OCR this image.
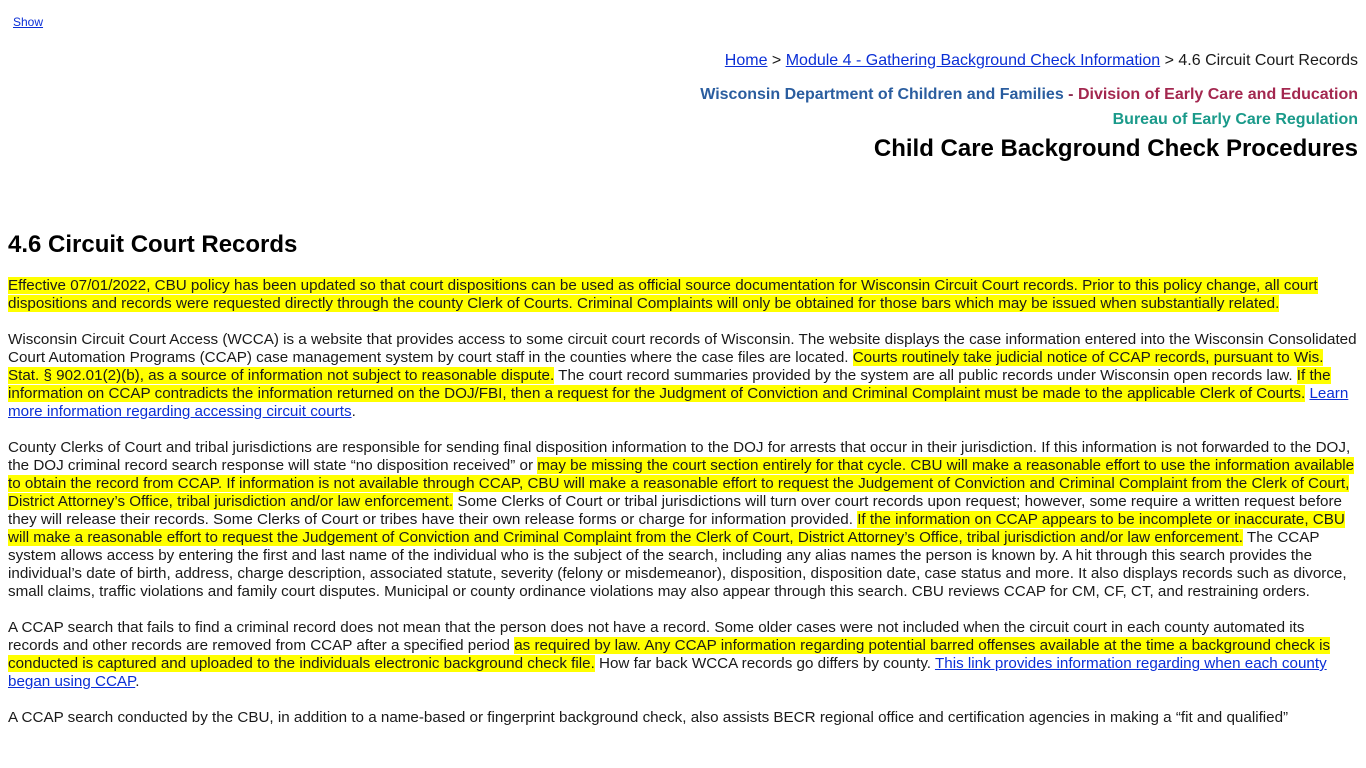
Show
Home > Module 4 - Gathering Background Check Information > 4.6 Circuit Court Records
Wisconsin Department of Children and Families - Division of Early Care and Education
Bureau of Early Care Regulation
Child Care Background Check Procedures
4.6 Circuit Court Records

Effective 07/01/2022, CBU policy has been updated so that court dispositions can be used as official source documentation for Wisconsin Circuit Court records. Prior to this policy change, all court dispositions and records were requested directly through the county Clerk of Courts. Criminal Complaints will only be obtained for those bars which may be issued when substantially related.

Wisconsin Circuit Court Access (WCCA) is a website that provides access to some circuit court records of Wisconsin. The website displays the case information entered into the Wisconsin Consolidated Court Automation Programs (CCAP) case management system by court staff in the counties where the case files are located. Courts routinely take judicial notice of CCAP records, pursuant to Wis. Stat. § 902.01(2)(b), as a source of information not subject to reasonable dispute. The court record summaries provided by the system are all public records under Wisconsin open records law. If the information on CCAP contradicts the information returned on the DOJ/FBI, then a request for the Judgment of Conviction and Criminal Complaint must be made to the applicable Clerk of Courts. Learn more information regarding accessing circuit courts.

County Clerks of Court and tribal jurisdictions are responsible for sending final disposition information to the DOJ for arrests that occur in their jurisdiction. If this information is not forwarded to the DOJ, the DOJ criminal record search response will state “no disposition received” or may be missing the court section entirely for that cycle. CBU will make a reasonable effort to use the information available to obtain the record from CCAP. If information is not available through CCAP, CBU will make a reasonable effort to request the Judgement of Conviction and Criminal Complaint from the Clerk of Court, District Attorney’s Office, tribal jurisdiction and/or law enforcement. Some Clerks of Court or tribal jurisdictions will turn over court records upon request; however, some require a written request before they will release their records. Some Clerks of Court or tribes have their own release forms or charge for information provided. If the information on CCAP appears to be incomplete or inaccurate, CBU will make a reasonable effort to request the Judgement of Conviction and Criminal Complaint from the Clerk of Court, District Attorney’s Office, tribal jurisdiction and/or law enforcement. The CCAP system allows access by entering the first and last name of the individual who is the subject of the search, including any alias names the person is known by. A hit through this search provides the individual’s date of birth, address, charge description, associated statute, severity (felony or misdemeanor), disposition, disposition date, case status and more. It also displays records such as divorce, small claims, traffic violations and family court disputes. Municipal or county ordinance violations may also appear through this search. CBU reviews CCAP for CM, CF, CT, and restraining orders.

A CCAP search that fails to find a criminal record does not mean that the person does not have a record. Some older cases were not included when the circuit court in each county automated its records and other records are removed from CCAP after a specified period as required by law. Any CCAP information regarding potential barred offenses available at the time a background check is conducted is captured and uploaded to the individuals electronic background check file. How far back WCCA records go differs by county. This link provides information regarding when each county began using CCAP.

A CCAP search conducted by the CBU, in addition to a name-based or fingerprint background check, also assists BECR regional office and certification agencies in making a “fit and qualified”
